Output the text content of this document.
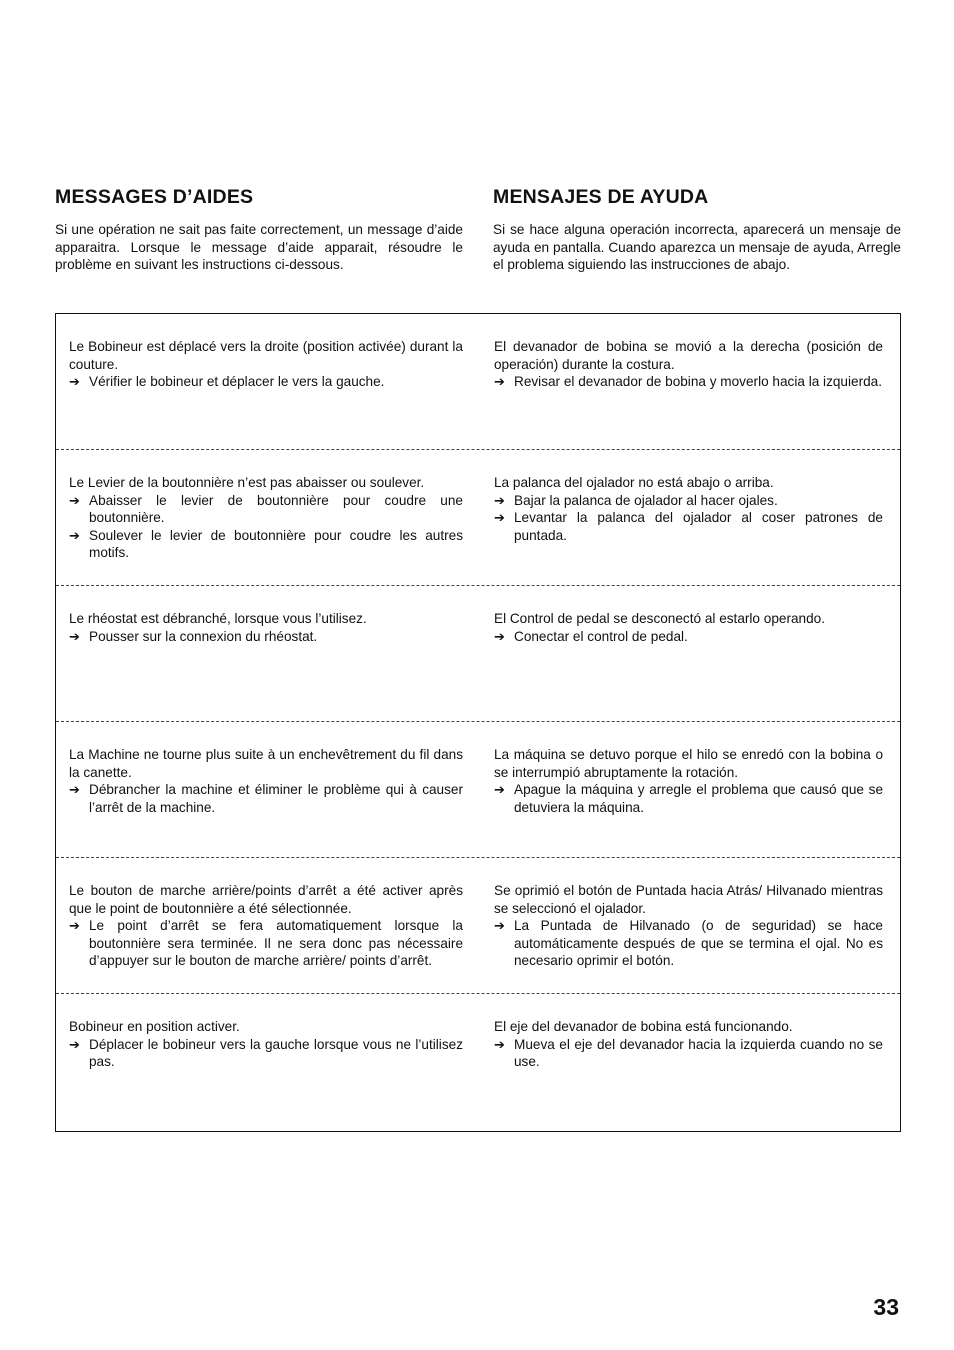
MESSAGES D’AIDES

Si une opération ne sait pas faite correctement, un message d’aide apparaitra. Lorsque le message d’aide apparait, résoudre le problème en suivant les instructions ci-dessous.

MENSAJES DE AYUDA

Si se hace alguna operación incorrecta, aparecerá un mensaje de ayuda en pantalla. Cuando aparezca un mensaje de ayuda, Arregle el problema siguiendo las instrucciones de abajo.

Le Bobineur est déplacé vers la droite (position activée) durant la couture.
➔ Vérifier le bobineur et déplacer le vers la gauche.
El devanador de bobina se movió a la derecha (posición de operación) durante la costura.
➔ Revisar el devanador de bobina y moverlo hacia la izquierda.
Le Levier de la boutonnière n’est pas abaisser ou soulever.
➔ Abaisser le levier de boutonnière pour coudre une boutonnière.
➔ Soulever le levier de boutonnière pour coudre les autres motifs.
La palanca del ojalador no está abajo o arriba.
➔ Bajar la palanca de ojalador al hacer ojales.
➔ Levantar la palanca del ojalador al coser patrones de puntada.
Le rhéostat est débranché, lorsque vous l’utilisez.
➔ Pousser sur la connexion du rhéostat.
El Control de pedal se desconectó al estarlo operando.
➔ Conectar el control de pedal.
La Machine ne tourne plus suite à un enchevêtrement du fil dans la canette.
➔ Débrancher la machine et éliminer le problème qui à causer l’arrêt de la machine.
La máquina se detuvo porque el hilo se enredó con la bobina o se interrumpió abruptamente la rotación.
➔ Apague la máquina y arregle el problema que causó que se detuviera la máquina.
Le bouton de marche arrière/points d’arrêt a été activer après que le point de boutonnière a été sélectionnée.
➔ Le point d’arrêt se fera automatiquement lorsque la boutonnière sera terminée. Il ne sera donc pas nécessaire d’appuyer sur le bouton de marche arrière/ points d’arrêt.
Se oprimió el botón de Puntada hacia Atrás/ Hilvanado mientras se seleccionó el ojalador.
➔ La Puntada de Hilvanado (o de seguridad) se hace automáticamente después de que se termina el ojal. No es necesario oprimir el botón.
Bobineur en position activer.
➔ Déplacer le bobineur vers la gauche lorsque vous ne l’utilisez pas.
El eje del devanador de bobina está funcionando.
➔ Mueva el eje del devanador hacia la izquierda cuando no se use.
33
